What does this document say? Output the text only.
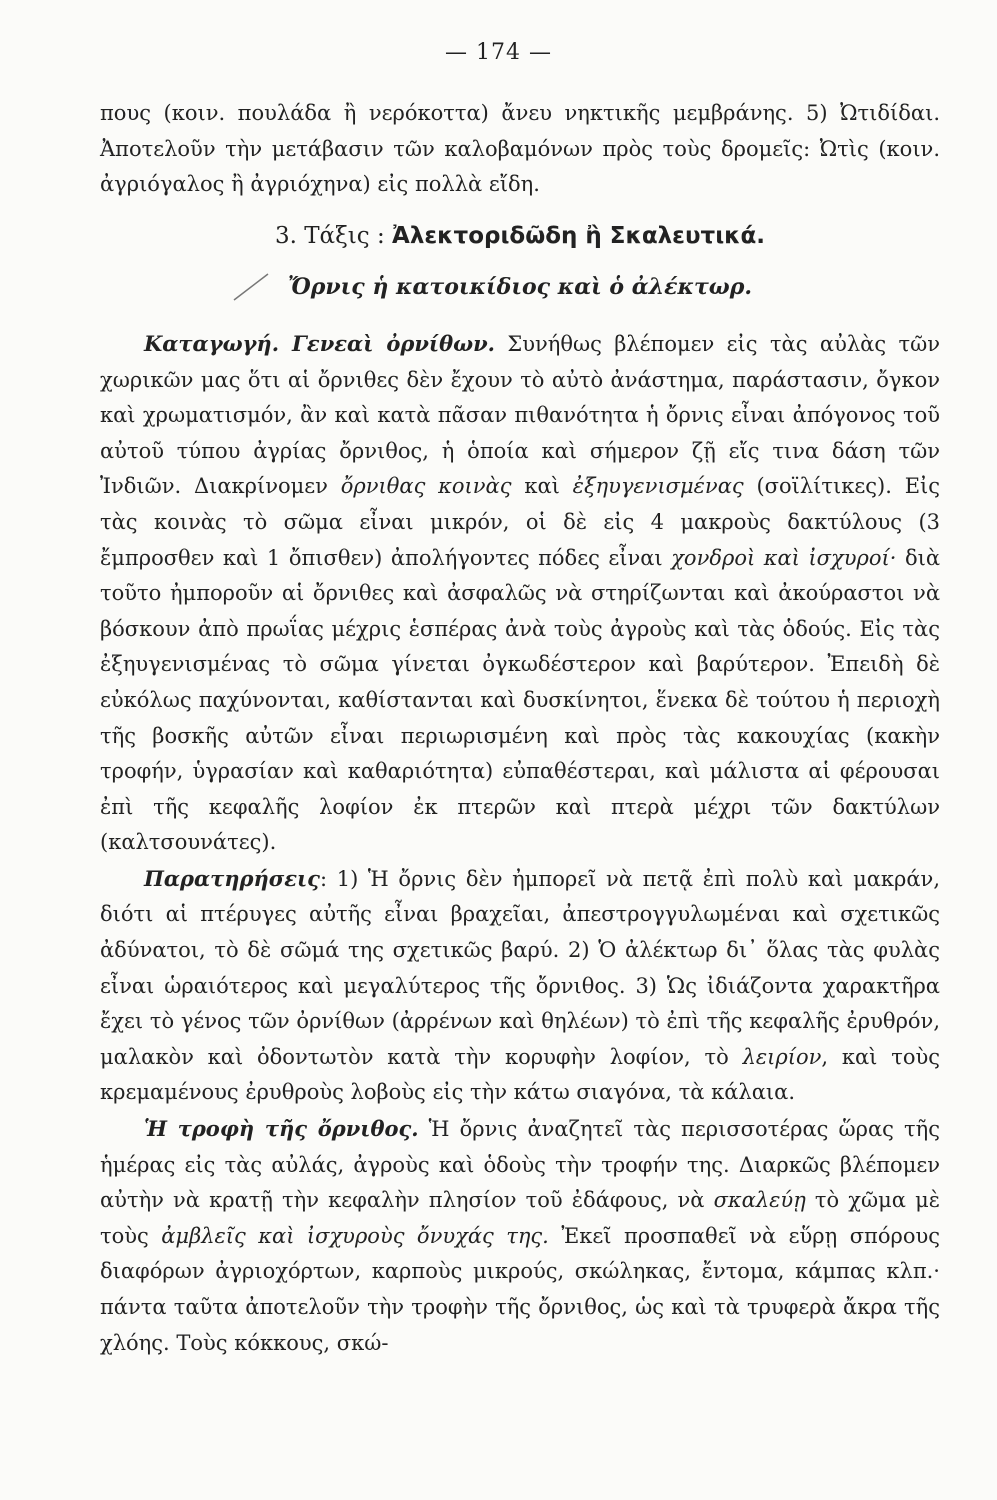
— 174 —

πους (κοιν. πουλάδα ἢ νερόκοττα) ἄνευ νηκτικῆς μεμβράνης. 5) Ὠτιδίδαι. Ἀποτελοῦν τὴν μετάβασιν τῶν καλοβαμόνων πρὸς τοὺς δρομεῖς: Ὠτὶς (κοιν. ἀγριόγαλος ἢ ἀγριόχηνα) εἰς πολλὰ εἴδη.

3. Τάξις : Ἀλεκτοριδῶδη ἢ Σκαλευτικά.

Ὄρνις ἡ κατοικίδιος καὶ ὁ ἀλέκτωρ.

Καταγωγή. Γενεαὶ ὀρνίθων. Συνήθως βλέπομεν εἰς τὰς αὐλὰς τῶν χωρικῶν μας ὅτι αἱ ὄρνιθες δὲν ἔχουν τὸ αὐτὸ ἀνάστημα, παράστασιν, ὄγκον καὶ χρωματισμόν, ἂν καὶ κατὰ πᾶσαν πιθανότητα ἡ ὄρνις εἶναι ἀπόγονος τοῦ αὐτοῦ τύπου ἀγρίας ὄρνιθος, ἡ ὁποία καὶ σήμερον ζῇ εἴς τινα δάση τῶν Ἰνδιῶν. Διακρίνομεν ὄρνιθας κοινὰς καὶ ἐξηυγενισμένας (σοϊλίτικες). Εἰς τὰς κοινὰς τὸ σῶμα εἶναι μικρόν, οἱ δὲ εἰς 4 μακροὺς δακτύλους (3 ἔμπροσθεν καὶ 1 ὄπισθεν) ἀπολήγοντες πόδες εἶναι χονδροὶ καὶ ἰσχυροί· διὰ τοῦτο ἠμποροῦν αἱ ὄρνιθες καὶ ἀσφαλῶς νὰ στηρίζωνται καὶ ἀκούραστοι νὰ βόσκουν ἀπὸ πρωΐας μέχρις ἑσπέρας ἀνὰ τοὺς ἀγροὺς καὶ τὰς ὁδούς. Εἰς τὰς ἐξηυγενισμένας τὸ σῶμα γίνεται ὀγκωδέστερον καὶ βαρύτερον. Ἐπειδὴ δὲ εὐκόλως παχύνονται, καθίστανται καὶ δυσκίνητοι, ἕνεκα δὲ τούτου ἡ περιοχὴ τῆς βοσκῆς αὐτῶν εἶναι περιωρισμένη καὶ πρὸς τὰς κακουχίας (κακὴν τροφήν, ὑγρασίαν καὶ καθαριότητα) εὐπαθέστεραι, καὶ μάλιστα αἱ φέρουσαι ἐπὶ τῆς κεφαλῆς λοφίον ἐκ πτερῶν καὶ πτερὰ μέχρι τῶν δακτύλων (καλτσουνάτες).

Παρατηρήσεις: 1) Ἡ ὄρνις δὲν ἠμπορεῖ νὰ πετᾷ ἐπὶ πολὺ καὶ μακράν, διότι αἱ πτέρυγες αὐτῆς εἶναι βραχεῖαι, ἀπεστρογγυλωμέναι καὶ σχετικῶς ἀδύνατοι, τὸ δὲ σῶμά της σχετικῶς βαρύ. 2) Ὁ ἀλέκτωρ δι᾽ ὅλας τὰς φυλὰς εἶναι ὡραιότερος καὶ μεγαλύτερος τῆς ὄρνιθος. 3) Ὡς ἰδιάζοντα χαρακτῆρα ἔχει τὸ γένος τῶν ὀρνίθων (ἀρρένων καὶ θηλέων) τὸ ἐπὶ τῆς κεφαλῆς ἐρυθρόν, μαλακὸν καὶ ὀδοντωτὸν κατὰ τὴν κορυφὴν λοφίον, τὸ λειρίον, καὶ τοὺς κρεμαμένους ἐρυθροὺς λοβοὺς εἰς τὴν κάτω σιαγόνα, τὰ κάλαια.

Ἡ τροφὴ τῆς ὄρνιθος. Ἡ ὄρνις ἀναζητεῖ τὰς περισσοτέρας ὥρας τῆς ἡμέρας εἰς τὰς αὐλάς, ἀγροὺς καὶ ὁδοὺς τὴν τροφήν της. Διαρκῶς βλέπομεν αὐτὴν νὰ κρατῇ τὴν κεφαλὴν πλησίον τοῦ ἐδάφους, νὰ σκαλεύῃ τὸ χῶμα μὲ τοὺς ἀμβλεῖς καὶ ἰσχυροὺς ὄνυχάς της. Ἐκεῖ προσπαθεῖ νὰ εὕρῃ σπόρους διαφόρων ἀγριοχόρτων, καρποὺς μικρούς, σκώληκας, ἔντομα, κάμπας κλπ.· πάντα ταῦτα ἀποτελοῦν τὴν τροφὴν τῆς ὄρνιθος, ὡς καὶ τὰ τρυφερὰ ἄκρα τῆς χλόης. Τοὺς κόκκους, σκώ-
